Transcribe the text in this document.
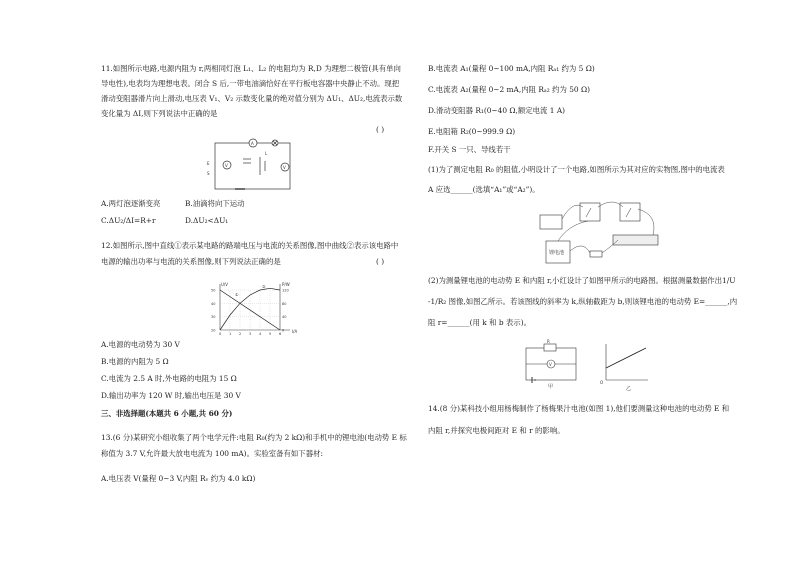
11.如图所示电路,电源内阻为 r,两相同灯泡 L₁、L₂ 的电阻均为 R,D 为理想二极管(具有单向
导电性),电表均为理想电表。闭合 S 后,一带电油滴恰好在平行板电容器中央静止不动。现把
滑动变阻器滑片向上滑动,电压表 V₁、V₂ 示数变化量的绝对值分别为 ΔU₁、ΔU₂,电流表示数
变化量为 ΔI,则下列说法中正确的是
( )
A
V	V
E
S
L
A.两灯泡逐渐变亮	B.油滴将向下运动
C.ΔU₂/ΔI=R+r	D.ΔU₂<ΔU₁
12.如图所示,图中直线①表示某电路的路端电压与电流的关系图像,图中曲线②表示该电路中
电源的输出功率与电流的关系图像,则下列说法正确的是	( )
U/V	P/W
I/A
0 1 2 3 4 5 6
20
30
40
50
0
40
80
120
①
②
A.电源的电动势为 30 V
B.电源的内阻为 5 Ω
C.电流为 2.5 A 时,外电路的电阻为 15 Ω
D.输出功率为 120 W 时,输出电压是 30 V
三、非选择题(本题共 6 小题,共 60 分)
13.(6 分)某研究小组收集了两个电学元件:电阻 R₀(约为 2 kΩ)和手机中的锂电池(电动势 E 标
称值为 3.7 V,允许最大放电电流为 100 mA)。实验室备有如下器材:
A.电压表 V(量程 0~3 V,内阻 Rᵥ 约为 4.0 kΩ)
B.电流表 A₁(量程 0~100 mA,内阻 Rₐ₁ 约为 5 Ω)
C.电流表 A₂(量程 0~2 mA,内阻 Rₐ₂ 约为 50 Ω)
D.滑动变阻器 R₁(0~40 Ω,额定电流 1 A)
E.电阻箱 R₂(0~999.9 Ω)
F.开关 S 一只、导线若干
(1)为了测定电阻 R₀ 的阻值,小明设计了一个电路,如图所示为其对应的实物图,图中的电流表
A 应选______(选填“A₁”或“A₂”)。
锂电池
(2)为测量锂电池的电动势 E 和内阻 r,小红设计了如图甲所示的电路图。根据测量数据作出1/U
-1/R₂ 图像,如图乙所示。若该图线的斜率为 k,纵轴截距为 b,则该锂电池的电动势 E=______,内
阻 r=______(用 k 和 b 表示)。
V
R
甲
O
乙
14.(8 分)某科技小组用杨梅制作了杨梅果汁电池(如图 1),他们要测量这种电池的电动势 E 和
内阻 r,并探究电极间距对 E 和 r 的影响。
